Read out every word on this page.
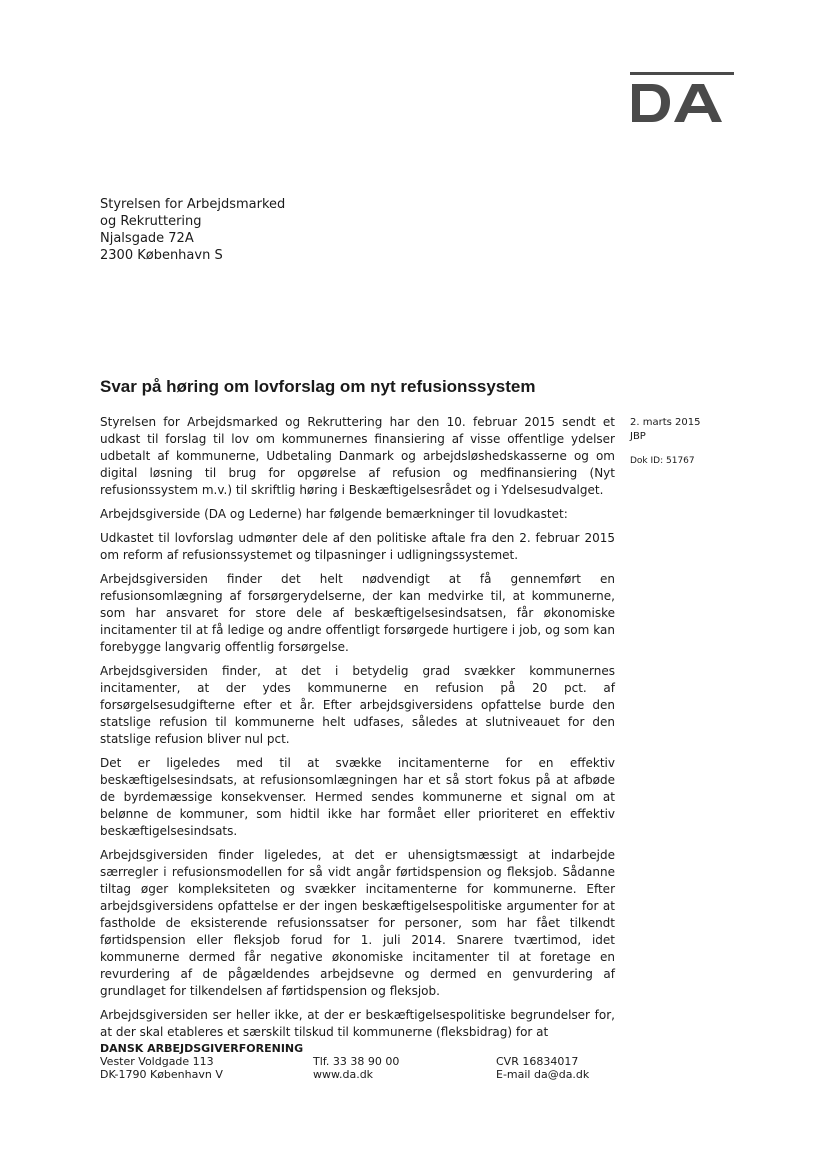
Styrelsen for Arbejdsmarked
og Rekruttering
Njalsgade 72A
2300 København S
Svar på høring om lovforslag om nyt refusionssystem
2. marts 2015
JBP
Dok ID: 51767

Styrelsen for Arbejdsmarked og Rekruttering har den 10. februar 2015 sendt et udkast til forslag til lov om kommunernes finansiering af visse offentlige ydelser udbetalt af kommunerne, Udbetaling Danmark og arbejdsløshedskasserne og om digital løsning til brug for opgørelse af refusion og medfinansiering (Nyt refusionssystem m.v.) til skriftlig høring i Beskæftigelsesrådet og i Ydelsesudvalget.

Arbejdsgiverside (DA og Lederne) har følgende bemærkninger til lovudkastet:

Udkastet til lovforslag udmønter dele af den politiske aftale fra den 2. februar 2015 om reform af refusionssystemet og tilpasninger i udligningssystemet.

Arbejdsgiversiden finder det helt nødvendigt at få gennemført en refusionsomlægning af forsørgerydelserne, der kan medvirke til, at kommunerne, som har ansvaret for store dele af beskæftigelsesindsatsen, får økonomiske incitamenter til at få ledige og andre offentligt forsørgede hurtigere i job, og som kan forebygge langvarig offentlig forsørgelse.

Arbejdsgiversiden finder, at det i betydelig grad svækker kommunernes incitamenter, at der ydes kommunerne en refusion på 20 pct. af forsørgelsesudgifterne efter et år. Efter arbejdsgiversidens opfattelse burde den statslige refusion til kommunerne helt udfases, således at slutniveauet for den statslige refusion bliver nul pct.

Det er ligeledes med til at svække incitamenterne for en effektiv beskæftigelsesindsats, at refusionsomlægningen har et så stort fokus på at afbøde de byrdemæssige konsekvenser. Hermed sendes kommunerne et signal om at belønne de kommuner, som hidtil ikke har formået eller prioriteret en effektiv beskæftigelsesindsats.

Arbejdsgiversiden finder ligeledes, at det er uhensigtsmæssigt at indarbejde særregler i refusionsmodellen for så vidt angår førtidspension og fleksjob. Sådanne tiltag øger kompleksiteten og svækker incitamenterne for kommunerne. Efter arbejdsgiversidens opfattelse er der ingen beskæftigelsespolitiske argumenter for at fastholde de eksisterende refusionssatser for personer, som har fået tilkendt førtidspension eller fleksjob forud for 1. juli 2014. Snarere tværtimod, idet kommunerne dermed får negative økonomiske incitamenter til at foretage en revurdering af de pågældendes arbejdsevne og dermed en genvurdering af grundlaget for tilkendelsen af førtidspension og fleksjob.

Arbejdsgiversiden ser heller ikke, at der er beskæftigelsespolitiske begrundelser for, at der skal etableres et særskilt tilskud til kommunerne (fleksbidrag) for at

DANSK ARBEJDSGIVERFORENING
Vester Voldgade 113
DK-1790 København V
Tlf. 33 38 90 00
www.da.dk
CVR 16834017
E-mail da@da.dk
